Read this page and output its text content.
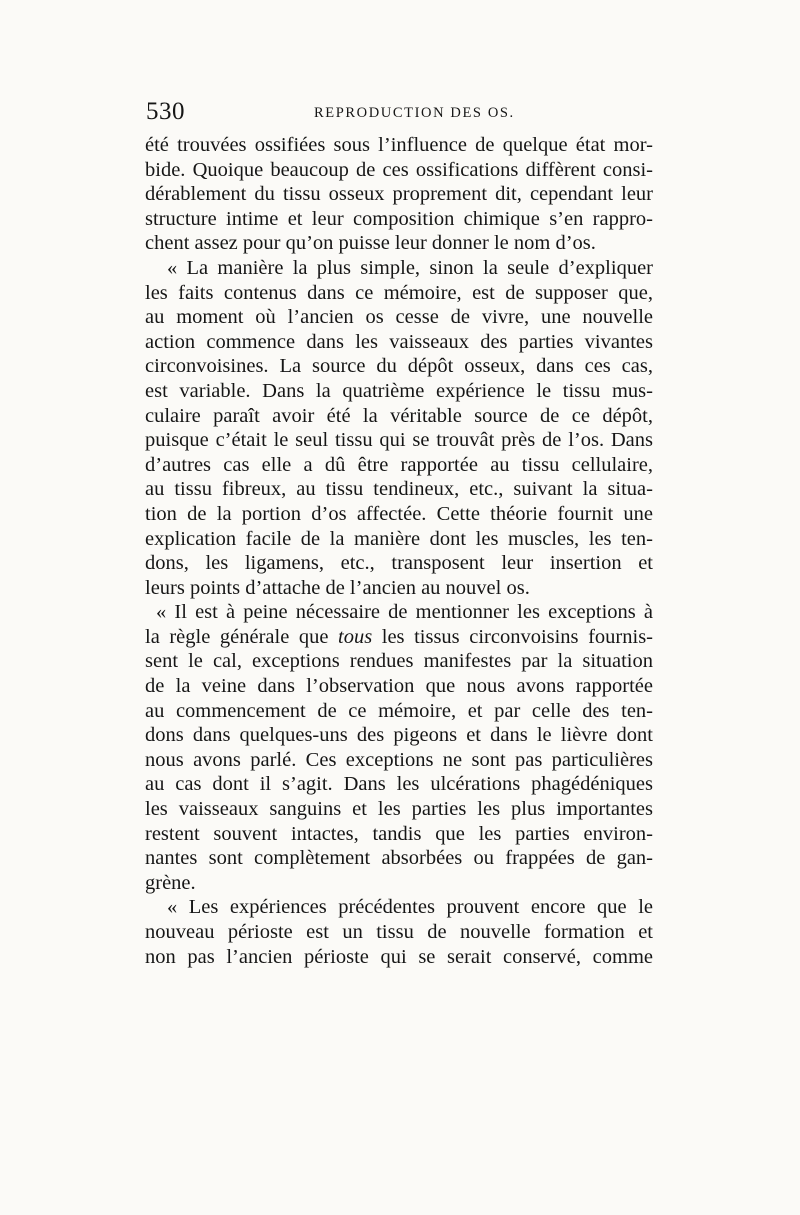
530	REPRODUCTION DES OS.
été trouvées ossifiées sous l’influence de quelque état mor-
bide. Quoique beaucoup de ces ossifications diffèrent consi-
dérablement du tissu osseux proprement dit, cependant leur
structure intime et leur composition chimique s’en rappro-
chent assez pour qu’on puisse leur donner le nom d’os.
« La manière la plus simple, sinon la seule d’expliquer
les faits contenus dans ce mémoire, est de supposer que,
au moment où l’ancien os cesse de vivre, une nouvelle
action commence dans les vaisseaux des parties vivantes
circonvoisines. La source du dépôt osseux, dans ces cas,
est variable. Dans la quatrième expérience le tissu mus-
culaire paraît avoir été la véritable source de ce dépôt,
puisque c’était le seul tissu qui se trouvât près de l’os. Dans
d’autres cas elle a dû être rapportée au tissu cellulaire,
au tissu fibreux, au tissu tendineux, etc., suivant la situa-
tion de la portion d’os affectée. Cette théorie fournit une
explication facile de la manière dont les muscles, les ten-
dons, les ligamens, etc., transposent leur insertion et
leurs points d’attache de l’ancien au nouvel os.
« Il est à peine nécessaire de mentionner les exceptions à
la règle générale que tous les tissus circonvoisins fournis-
sent le cal, exceptions rendues manifestes par la situation
de la veine dans l’observation que nous avons rapportée
au commencement de ce mémoire, et par celle des ten-
dons dans quelques-uns des pigeons et dans le lièvre dont
nous avons parlé. Ces exceptions ne sont pas particulières
au cas dont il s’agit. Dans les ulcérations phagédéniques
les vaisseaux sanguins et les parties les plus importantes
restent souvent intactes, tandis que les parties environ-
nantes sont complètement absorbées ou frappées de gan-
grène.
« Les expériences précédentes prouvent encore que le
nouveau périoste est un tissu de nouvelle formation et
non pas l’ancien périoste qui se serait conservé, comme
